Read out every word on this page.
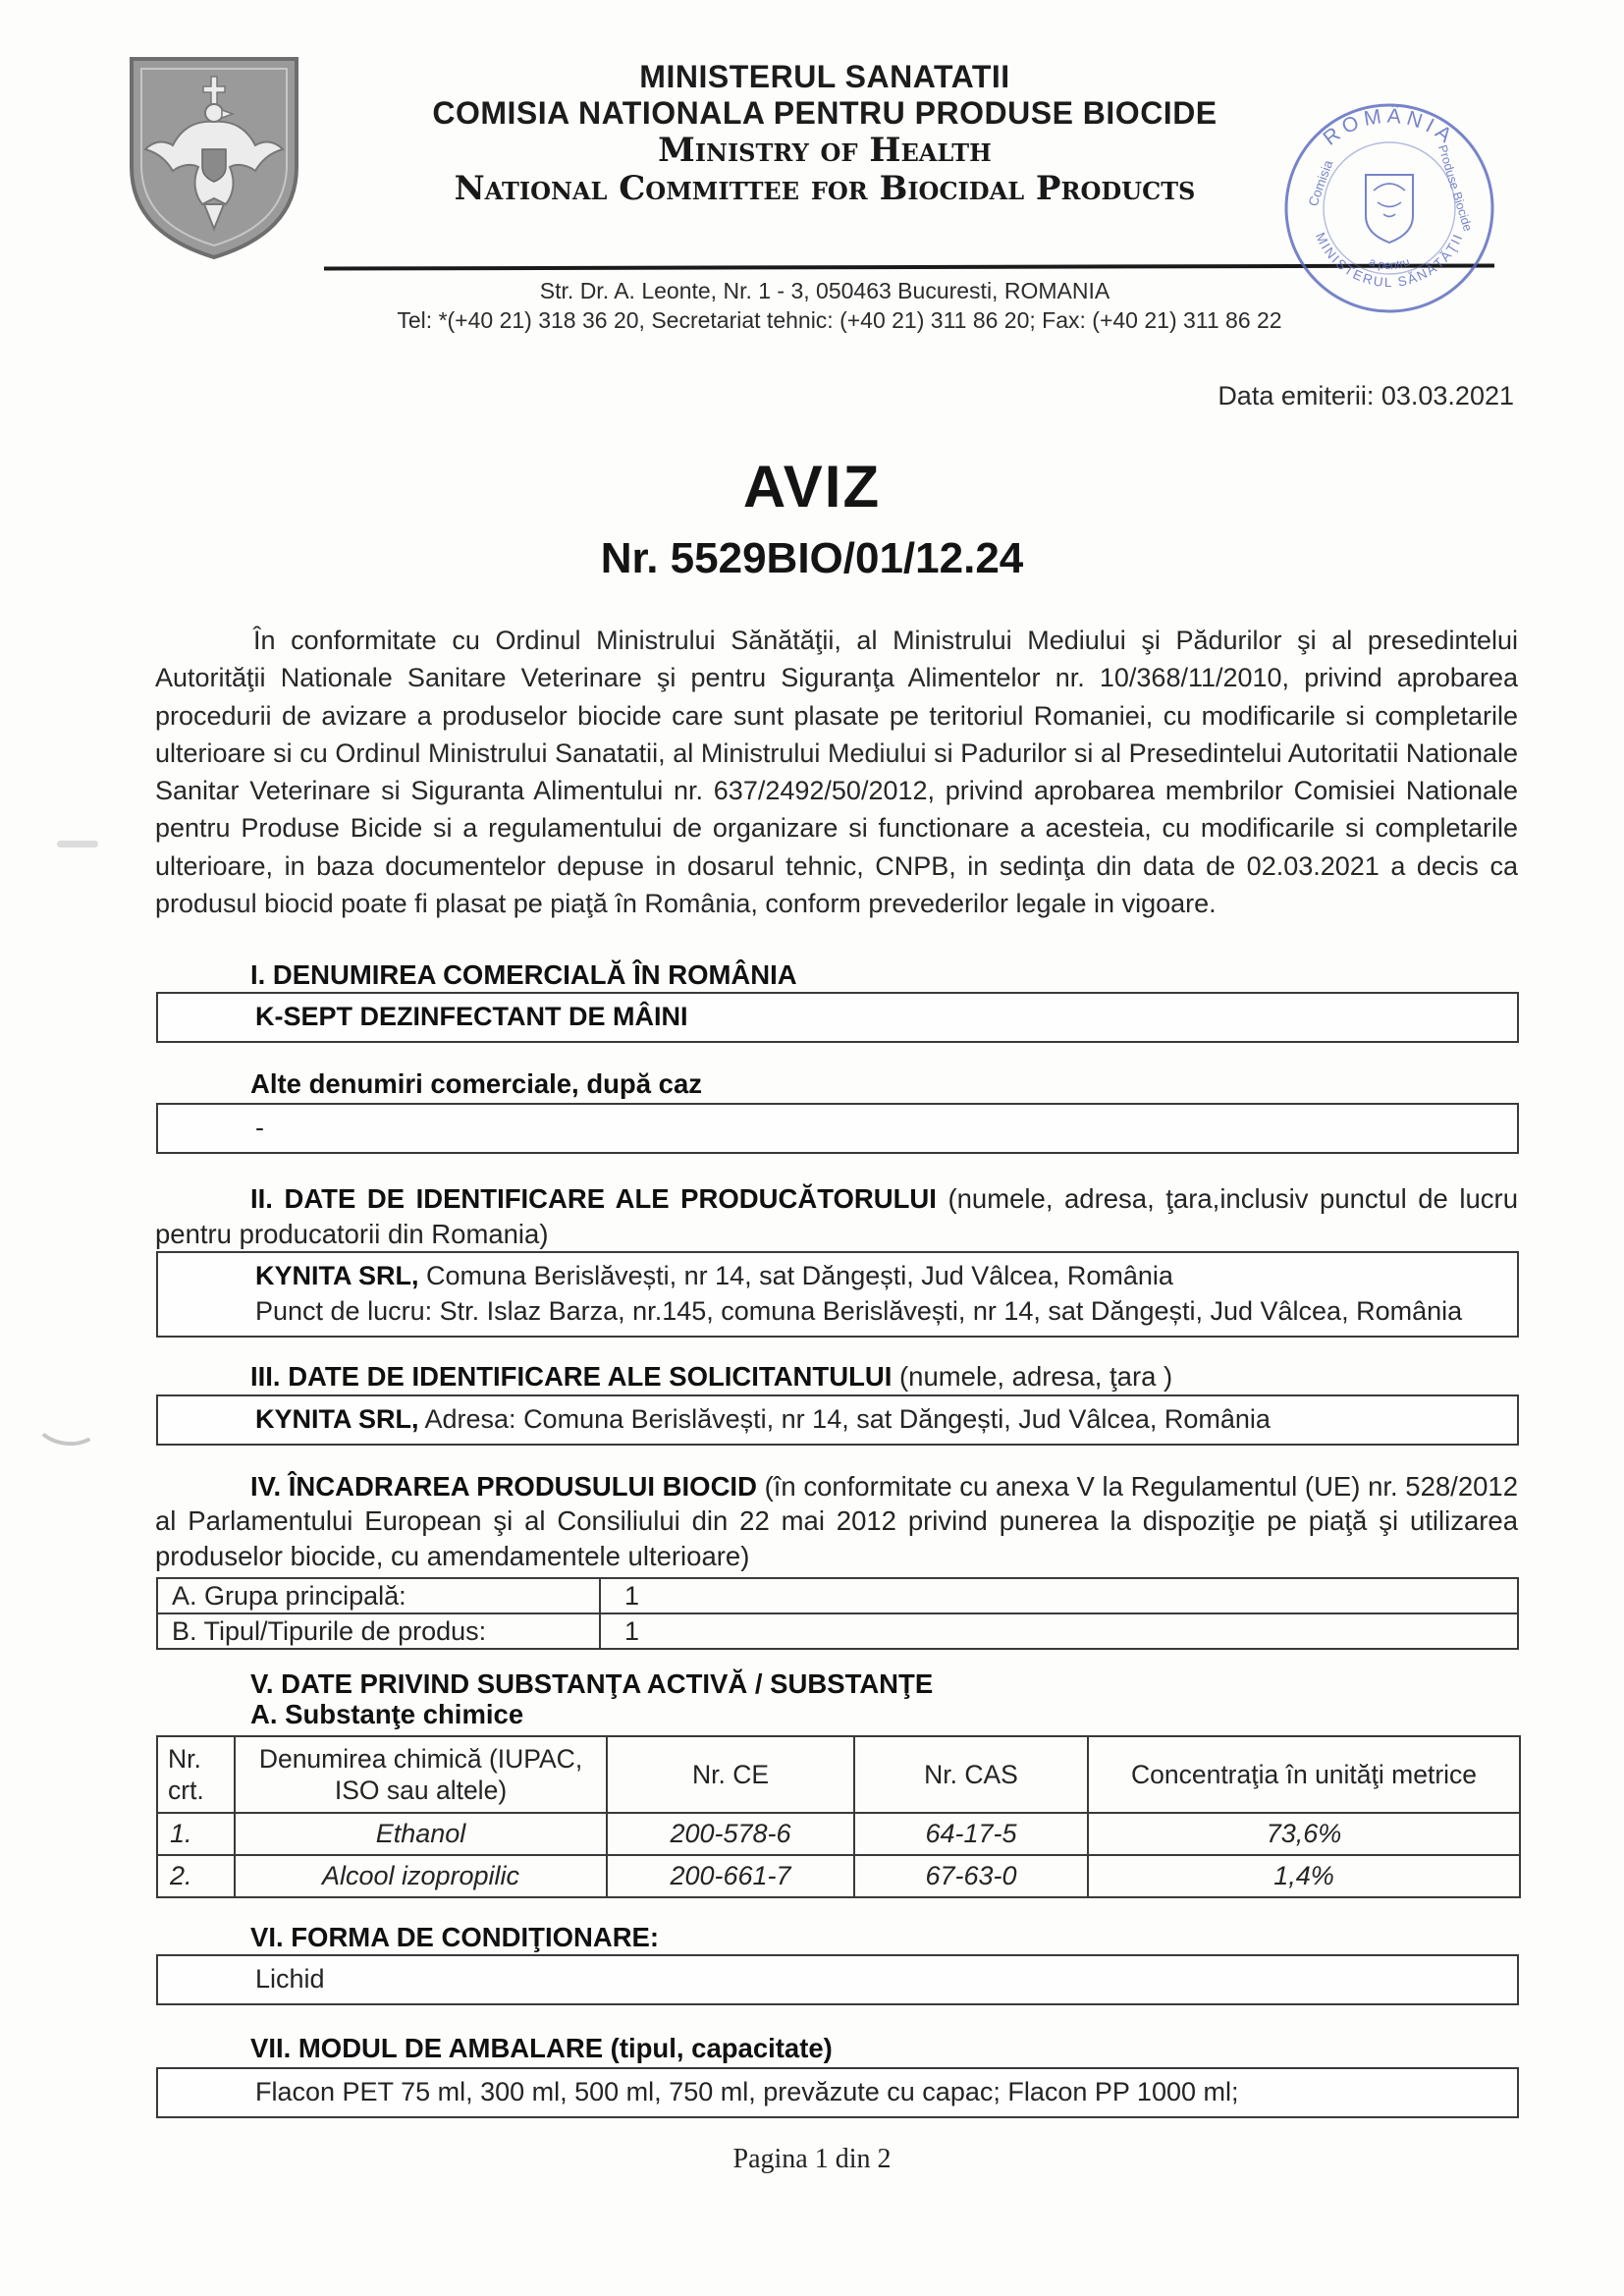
MINISTERUL SANATATII
COMISIA NATIONALA PENTRU PRODUSE BIOCIDE
Ministry of Health
National Committee for Biocidal Products
Str. Dr. A. Leonte, Nr. 1 - 3, 050463 Bucuresti, ROMANIA
Tel: *(+40 21) 318 36 20, Secretariat tehnic: (+40 21) 311 86 20; Fax: (+40 21) 311 86 22
ROMÂNIA
MINISTERUL SĂNĂTĂŢII
a pentru
Comisia	Produse Biocide
Data emiterii: 03.03.2021
AVIZ
Nr. 5529BIO/01/12.24

În conformitate cu Ordinul Ministrului Sănătăţii, al Ministrului Mediului şi Pădurilor şi al presedintelui Autorităţii Nationale Sanitare Veterinare şi pentru Siguranţa Alimentelor nr. 10/368/11/2010, privind aprobarea procedurii de avizare a produselor biocide care sunt plasate pe teritoriul Romaniei, cu modificarile si completarile ulterioare si cu Ordinul Ministrului Sanatatii, al Ministrului Mediului si Padurilor si al Presedintelui Autoritatii Nationale Sanitar Veterinare si Siguranta Alimentului nr. 637/2492/50/2012, privind aprobarea membrilor Comisiei Nationale pentru Produse Bicide si a regulamentului de organizare si functionare a acesteia, cu modificarile si completarile ulterioare, in baza documentelor depuse in dosarul tehnic, CNPB, in sedinţa din data de 02.03.2021 a decis ca produsul biocid poate fi plasat pe piaţă în România, conform prevederilor legale in vigoare.

I. DENUMIREA COMERCIALĂ ÎN ROMÂNIA
K-SEPT DEZINFECTANT DE MÂINI
Alte denumiri comerciale, după caz
-
II. DATE DE IDENTIFICARE ALE PRODUCĂTORULUI (numele, adresa, ţara,inclusiv punctul de lucru pentru producatorii din Romania)
KYNITA SRL, Comuna Berislăvești, nr 14, sat Dăngești, Jud Vâlcea, România
Punct de lucru: Str. Islaz Barza, nr.145, comuna Berislăvești, nr 14, sat Dăngești, Jud Vâlcea, România
III. DATE DE IDENTIFICARE ALE SOLICITANTULUI (numele, adresa, ţara )
KYNITA SRL, Adresa: Comuna Berislăvești, nr 14, sat Dăngești, Jud Vâlcea, România
IV. ÎNCADRAREA PRODUSULUI BIOCID (în conformitate cu anexa V la Regulamentul (UE) nr. 528/2012 al Parlamentului European şi al Consiliului din 22 mai 2012 privind punerea la dispoziţie pe piaţă şi utilizarea produselor biocide, cu amendamentele ulterioare)
A. Grupa principală:	1
B. Tipul/Tipurile de produs:	1
V. DATE PRIVIND SUBSTANŢA ACTIVĂ / SUBSTANŢE
A. Substanţe chimice
Nr. crt.	Denumirea chimică (IUPAC, ISO sau altele)	Nr. CE	Nr. CAS	Concentraţia în unităţi metrice
1.	Ethanol	200-578-6	64-17-5	73,6%
2.	Alcool izopropilic	200-661-7	67-63-0	1,4%
VI. FORMA DE CONDIŢIONARE:
Lichid
VII. MODUL DE AMBALARE (tipul, capacitate)
Flacon PET 75 ml, 300 ml, 500 ml, 750 ml, prevăzute cu capac; Flacon PP 1000 ml;
Pagina 1 din 2
